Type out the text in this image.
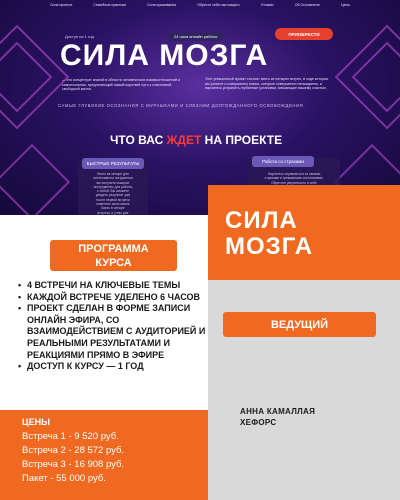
Сила проекта	Семейные практики	Сила проживания	Обрести себя настоящего	Отзывы	Об Основателе	Цены
Доступ на 1 год	24 часа онлайн работы	ПРИОБРЕСТИ
СИЛА МОЗГА
— это концентрат знаний в области человеческих взаимоотношений и самопознания, предлагающий самый короткий путь к счастливой, свободной жизни.
Этот уникальный проект состоит всего из четырех встреч, в ходе которых вы узнаете о совершенно новых, которые совершенно неожиданно, и научитесь устранить глубинные установки, мешающие вашему счастью.
САМЫЕ ГЛУБОКИЕ ОСОЗНАНИЯ С МУРАШКАМИ И СЛЕЗАМИ ДОЛГОЖДАННОГО ОСВОБОЖДЕНИЯ
ЧТО ВАС ЖДЕТ НА ПРОЕКТЕ
БЫСТРЫЕ РЕЗУЛЬТАТЫ
Всего за четыре дня
интенсивного погружения
вы получите мощные
инструменты для работы
с собой. Вы сможете
увидеть результат уже
после первой встречи
изменить свою жизнь
Взять в четыре
встречи, и у вас уже
Работа со страхами
Научитесь справляться со своими
страхами и тревожными состояниями.
Обретите уверенность в себе
СИЛА
МОЗГА
ВЕДУЩИЙ
АННА КАМАЛЛАЯ
ХЕФОРС
ПРОГРАММА
КУРСА
• 4 ВСТРЕЧИ НА КЛЮЧЕВЫЕ ТЕМЫ
• КАЖДОЙ ВСТРЕЧЕ УДЕЛЕНО 6 ЧАСОВ
• ПРОЕКТ СДЕЛАН В ФОРМЕ ЗАПИСИ ОНЛАЙН ЭФИРА, СО ВЗАИМОДЕЙСТВИЕМ С АУДИТОРИЕЙ И РЕАЛЬНЫМИ РЕЗУЛЬТАТАМИ И РЕАКЦИЯМИ ПРЯМО В ЭФИРЕ
• ДОСТУП К КУРСУ — 1 ГОД
ЦЕНЫ
Встреча 1 - 9 520 руб.
Встреча 2 - 28 572 руб.
Встреча 3 - 16 908 руб.
Пакет - 55 000 руб.
